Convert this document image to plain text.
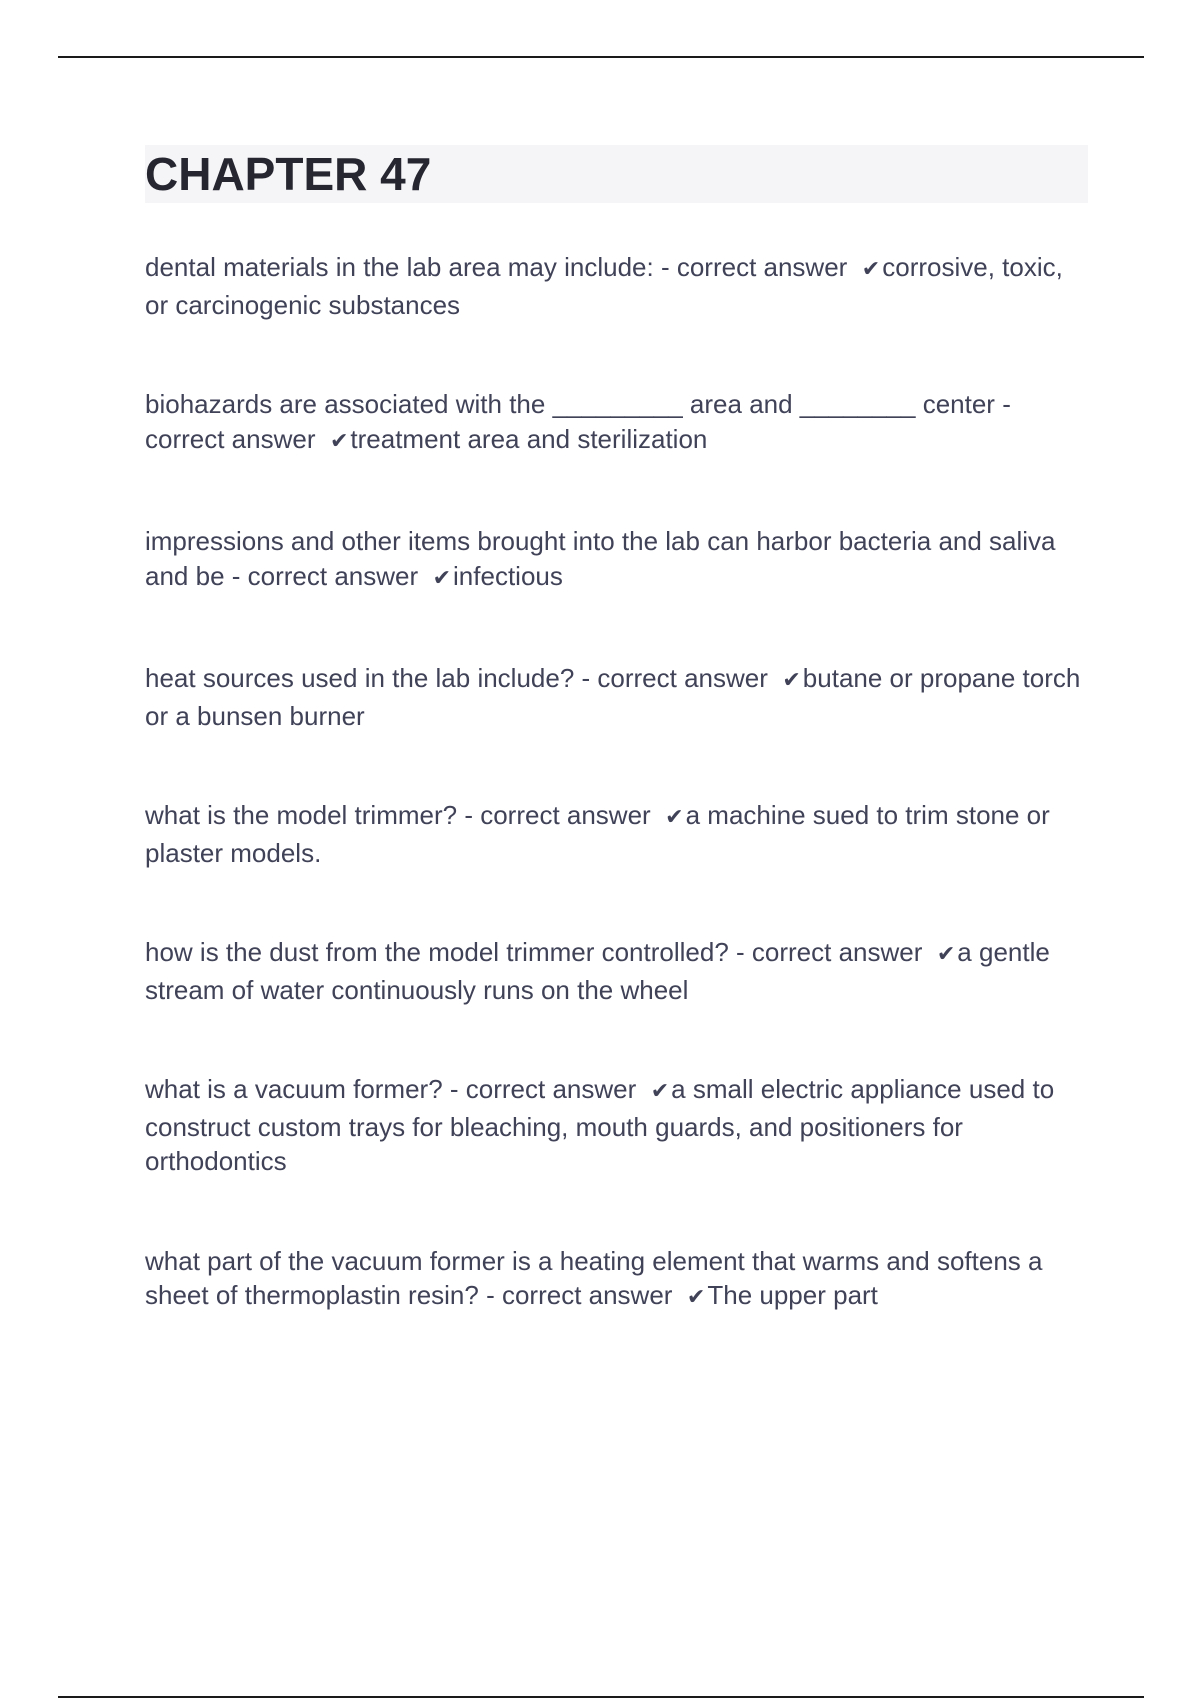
CHAPTER 47

dental materials in the lab area may include: - correct answer  ✔corrosive, toxic, or carcinogenic substances

biohazards are associated with the _________ area and ________ center - correct answer  ✔treatment area and sterilization

impressions and other items brought into the lab can harbor bacteria and saliva and be - correct answer  ✔infectious

heat sources used in the lab include? - correct answer  ✔butane or propane torch or a bunsen burner

what is the model trimmer? - correct answer  ✔a machine sued to trim stone or plaster models.

how is the dust from the model trimmer controlled? - correct answer  ✔a gentle stream of water continuously runs on the wheel

what is a vacuum former? - correct answer  ✔a small electric appliance used to construct custom trays for bleaching, mouth guards, and positioners for orthodontics

what part of the vacuum former is a heating element that warms and softens a sheet of thermoplastin resin? - correct answer  ✔The upper part
